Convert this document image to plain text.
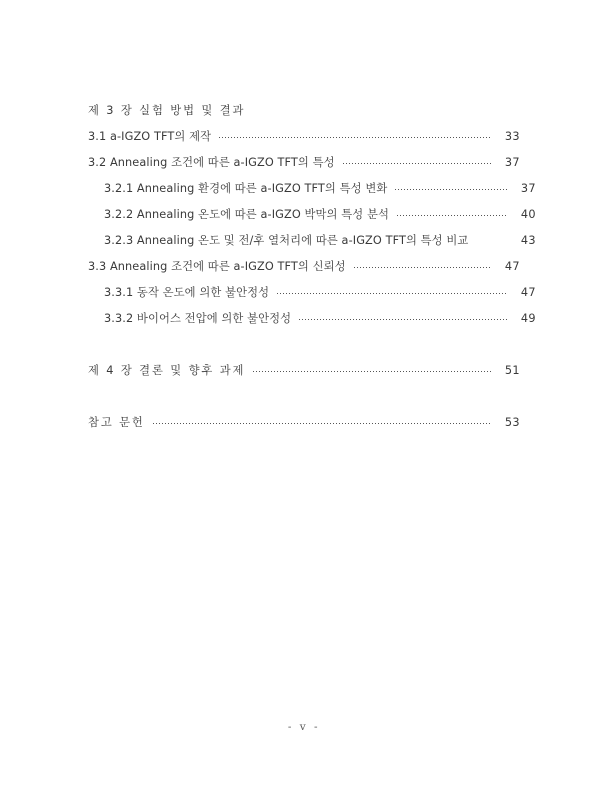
제 3 장 실험 방법 및 결과
3.1 a-IGZO TFT의 제작	33
3.2 Annealing 조건에 따른 a-IGZO TFT의 특성	37
3.2.1 Annealing 환경에 따른 a-IGZO TFT의 특성 변화	37
3.2.2 Annealing 온도에 따른 a-IGZO 박막의 특성 분석	40
3.2.3 Annealing 온도 및 전/후 열처리에 따른 a-IGZO TFT의 특성 비교	43
3.3 Annealing 조건에 따른 a-IGZO TFT의 신뢰성	47
3.3.1 동작 온도에 의한 불안정성	47
3.3.2 바이어스 전압에 의한 불안정성	49
제 4 장 결론 및 향후 과제	51
참고 문헌	53
- v -
